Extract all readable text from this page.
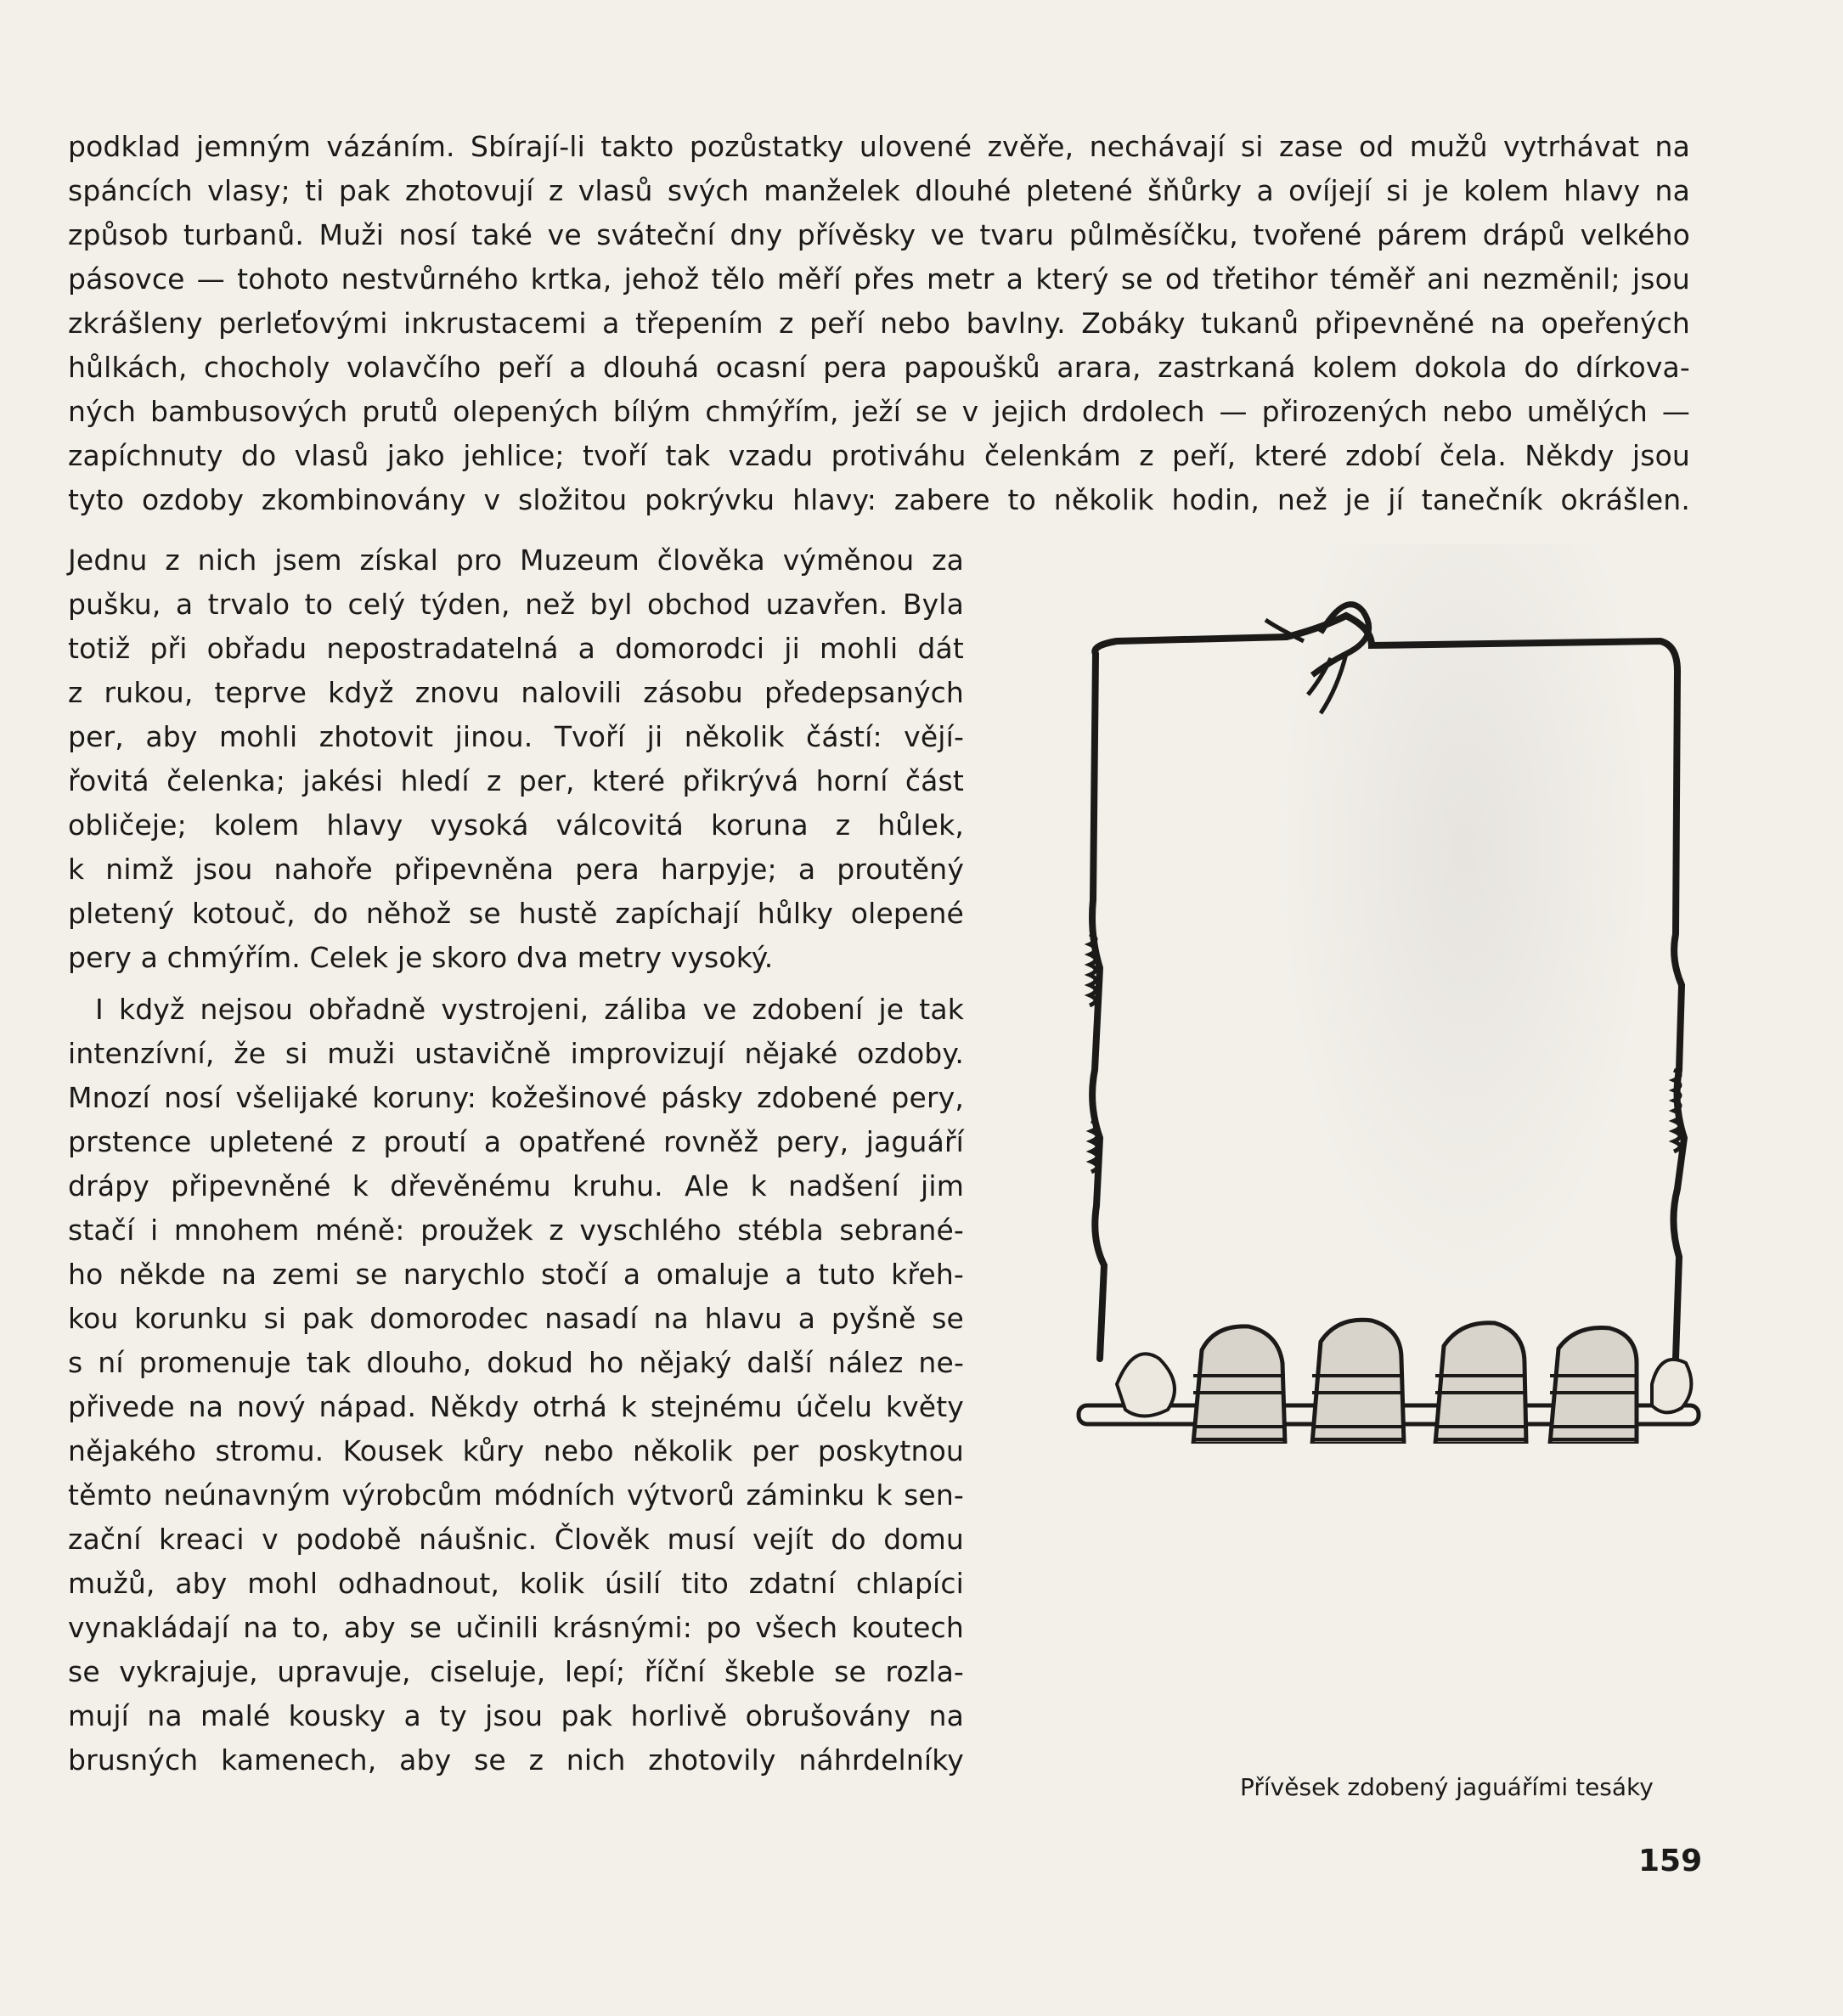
podklad jemným vázáním. Sbírají-li takto pozůstatky ulovené zvěře, nechávají si zase od mužů vytrhávat na
spáncích vlasy; ti pak zhotovují z vlasů svých manželek dlouhé pletené šňůrky a ovíjejí si je kolem hlavy na
způsob turbanů. Muži nosí také ve sváteční dny přívěsky ve tvaru půlměsíčku, tvořené párem drápů velkého
pásovce — tohoto nestvůrného krtka, jehož tělo měří přes metr a který se od třetihor téměř ani nezměnil; jsou
zkrášleny perleťovými inkrustacemi a třepením z peří nebo bavlny. Zobáky tukanů připevněné na opeřených
hůlkách, chocholy volavčího peří a dlouhá ocasní pera papoušků arara, zastrkaná kolem dokola do dírkova-
ných bambusových prutů olepených bílým chmýřím, ježí se v jejich drdolech — přirozených nebo umělých —
zapíchnuty do vlasů jako jehlice; tvoří tak vzadu protiváhu čelenkám z peří, které zdobí čela. Někdy jsou
tyto ozdoby zkombinovány v složitou pokrývku hlavy: zabere to několik hodin, než je jí tanečník okrášlen.
Jednu z nich jsem získal pro Muzeum člověka výměnou za
pušku, a trvalo to celý týden, než byl obchod uzavřen. Byla
totiž při obřadu nepostradatelná a domorodci ji mohli dát
z rukou, teprve když znovu nalovili zásobu předepsaných
per, aby mohli zhotovit jinou. Tvoří ji několik částí: vějí-
řovitá čelenka; jakési hledí z per, které přikrývá horní část
obličeje; kolem hlavy vysoká válcovitá koruna z hůlek,
k nimž jsou nahoře připevněna pera harpyje; a proutěný
pletený kotouč, do něhož se hustě zapíchají hůlky olepené
pery a chmýřím. Celek je skoro dva metry vysoký.
I když nejsou obřadně vystrojeni, záliba ve zdobení je tak
intenzívní, že si muži ustavičně improvizují nějaké ozdoby.
Mnozí nosí všelijaké koruny: kožešinové pásky zdobené pery,
prstence upletené z proutí a opatřené rovněž pery, jaguáří
drápy připevněné k dřevěnému kruhu. Ale k nadšení jim
stačí i mnohem méně: proužek z vyschlého stébla sebrané-
ho někde na zemi se narychlo stočí a omaluje a tuto křeh-
kou korunku si pak domorodec nasadí na hlavu a pyšně se
s ní promenuje tak dlouho, dokud ho nějaký další nález ne-
přivede na nový nápad. Někdy otrhá k stejnému účelu květy
nějakého stromu. Kousek kůry nebo několik per poskytnou
těmto neúnavným výrobcům módních výtvorů záminku k sen-
zační kreaci v podobě náušnic. Člověk musí vejít do domu
mužů, aby mohl odhadnout, kolik úsilí tito zdatní chlapíci
vynakládají na to, aby se učinili krásnými: po všech koutech
se vykrajuje, upravuje, ciseluje, lepí; říční škeble se rozla-
mují na malé kousky a ty jsou pak horlivě obrušovány na
brusných kamenech, aby se z nich zhotovily náhrdelníky
Přívěsek zdobený jaguářími tesáky
159
